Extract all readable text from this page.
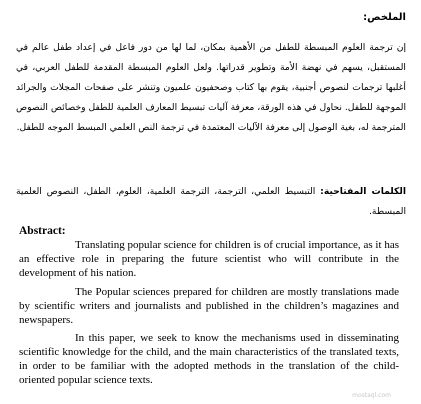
الملخص:
إن ترجمة العلوم المبسطة للطفل من الأهمية بمكان، لما لها من دور فاعل في إعداد طفل عالم في المستقبل، يسهم في نهضة الأمة وتطوير قدراتها. ولعل العلوم المبسطة المقدمة للطفل العربي، في أغلبها ترجمات لنصوص أجنبية، يقوم بها كتاب وصحفيون علميون وتنشر على صفحات المجلات والجرائد الموجهة للطفل. نحاول في هذه الورقة، معرفة آليات تبسيط المعارف العلمية للطفل وخصائص النصوص المترجمة له، بغية الوصول إلى معرفة الآليات المعتمدة في ترجمة النص العلمي المبسط الموجه للطفل.
الكلمات المفتاحية: التبسيط العلمي، الترجمة، الترجمة العلمية، العلوم، الطفل، النصوص العلمية المبسطة.
Abstract:
Translating popular science for children is of crucial importance, as it has an effective role in preparing the future scientist who will contribute in the development of his nation.
The Popular sciences prepared for children are mostly translations made by scientific writers and journalists and published in the children’s magazines and newspapers.
In this paper, we seek to know the mechanisms used in disseminating scientific knowledge for the child, and the main characteristics of the translated texts, in order to be familiar with the adopted methods in the translation of the child-oriented popular science texts.
mostaql.com
